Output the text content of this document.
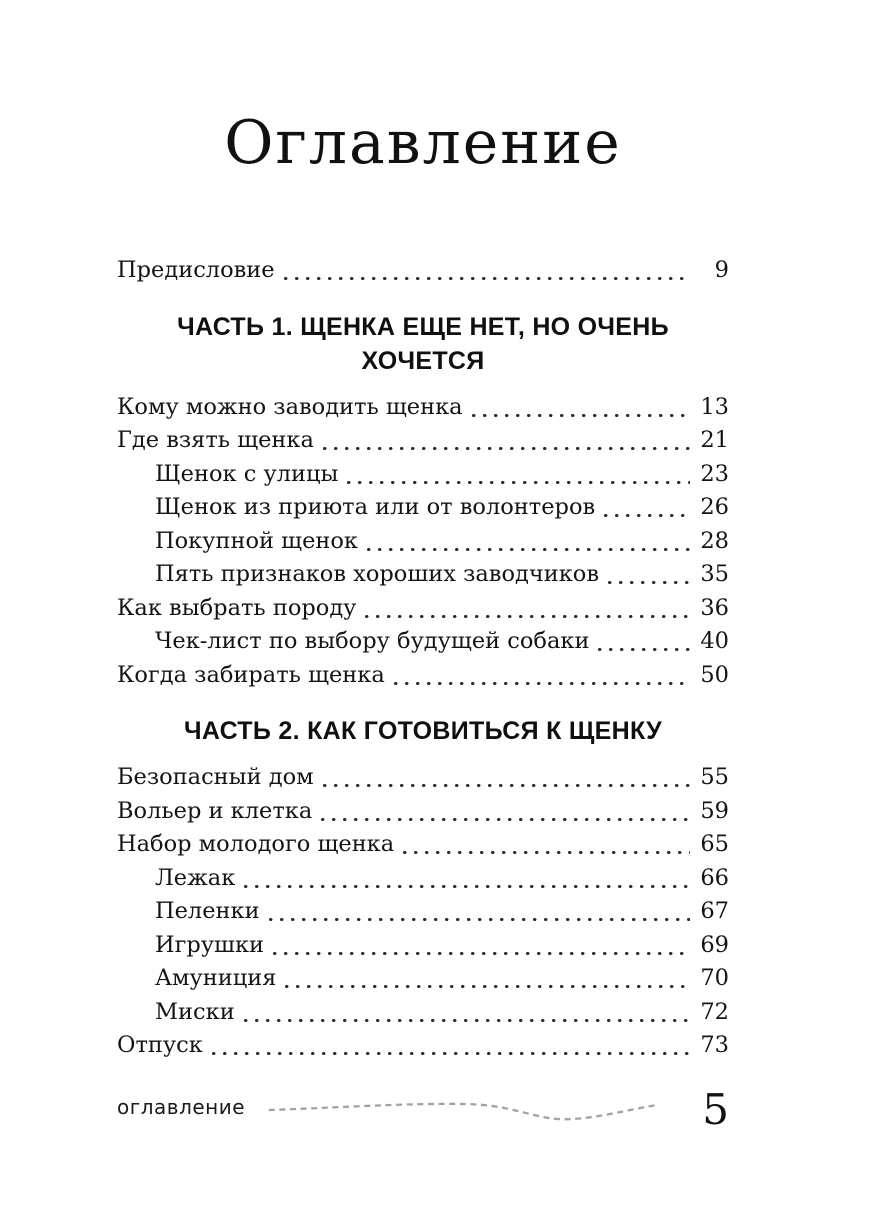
Оглавление
Предисловие	9
ЧАСТЬ 1. ЩЕНКА ЕЩЕ НЕТ, НО ОЧЕНЬ ХОЧЕТСЯ
Кому можно заводить щенка	13
Где взять щенка	21
Щенок с улицы	23
Щенок из приюта или от волонтеров	26
Покупной щенок	28
Пять признаков хороших заводчиков	35
Как выбрать породу	36
Чек-лист по выбору будущей собаки	40
Когда забирать щенка	50
ЧАСТЬ 2. КАК ГОТОВИТЬСЯ К ЩЕНКУ
Безопасный дом	55
Вольер и клетка	59
Набор молодого щенка	65
Лежак	66
Пеленки	67
Игрушки	69
Амуниция	70
Миски	72
Отпуск	73
оглавление	5
